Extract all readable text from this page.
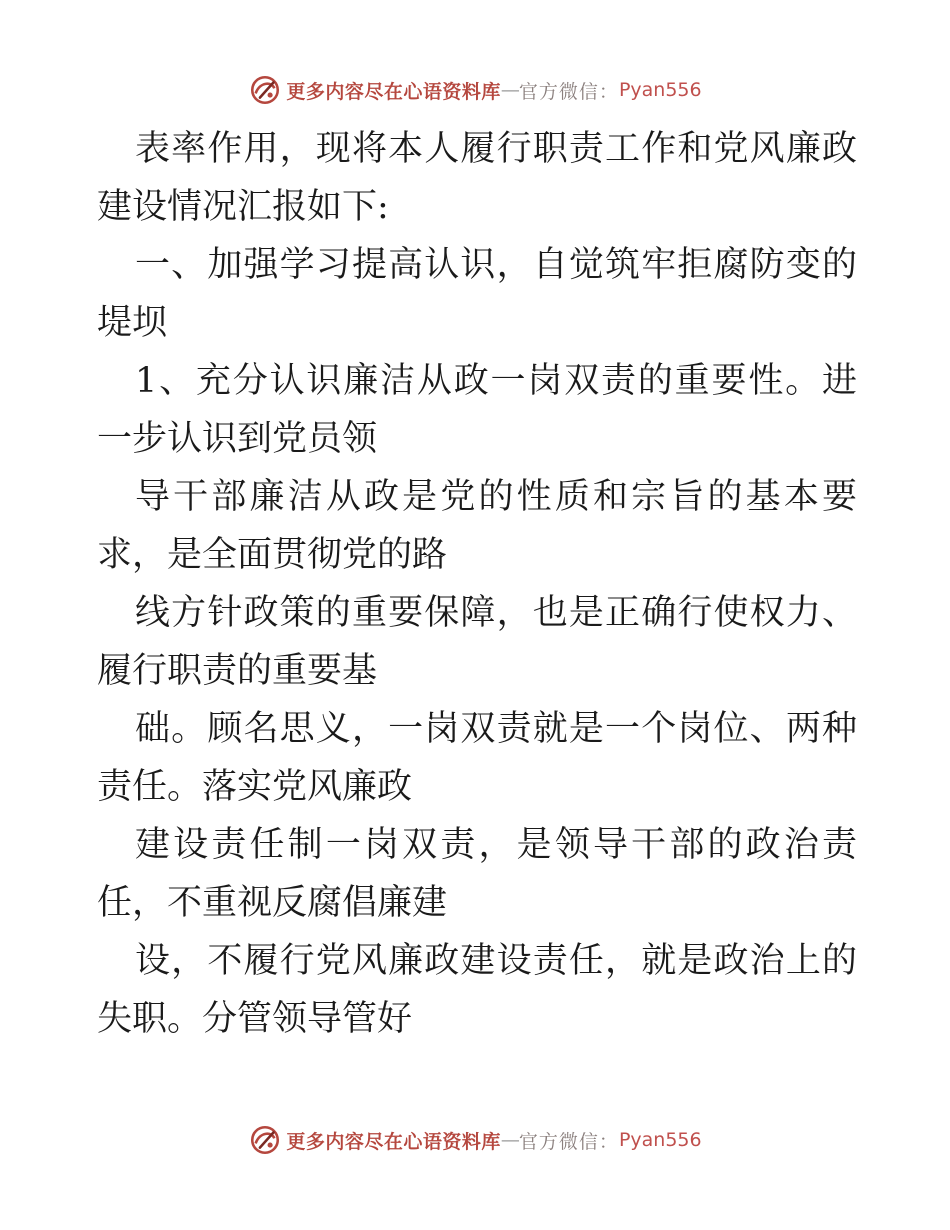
更多内容尽在心语资料库 — 官方微信： Pyan556

表率作用，现将本人履行职责工作和党风廉政建设情况汇报如下:

一、加强学习提高认识，自觉筑牢拒腐防变的堤坝

1、充分认识廉洁从政一岗双责的重要性。进一步认识到党员领

导干部廉洁从政是党的性质和宗旨的基本要求，是全面贯彻党的路

线方针政策的重要保障，也是正确行使权力、履行职责的重要基

础。顾名思义，一岗双责就是一个岗位、两种责任。落实党风廉政

建设责任制一岗双责，是领导干部的政治责任，不重视反腐倡廉建

设，不履行党风廉政建设责任，就是政治上的失职。分管领导管好

更多内容尽在心语资料库 — 官方微信： Pyan556
